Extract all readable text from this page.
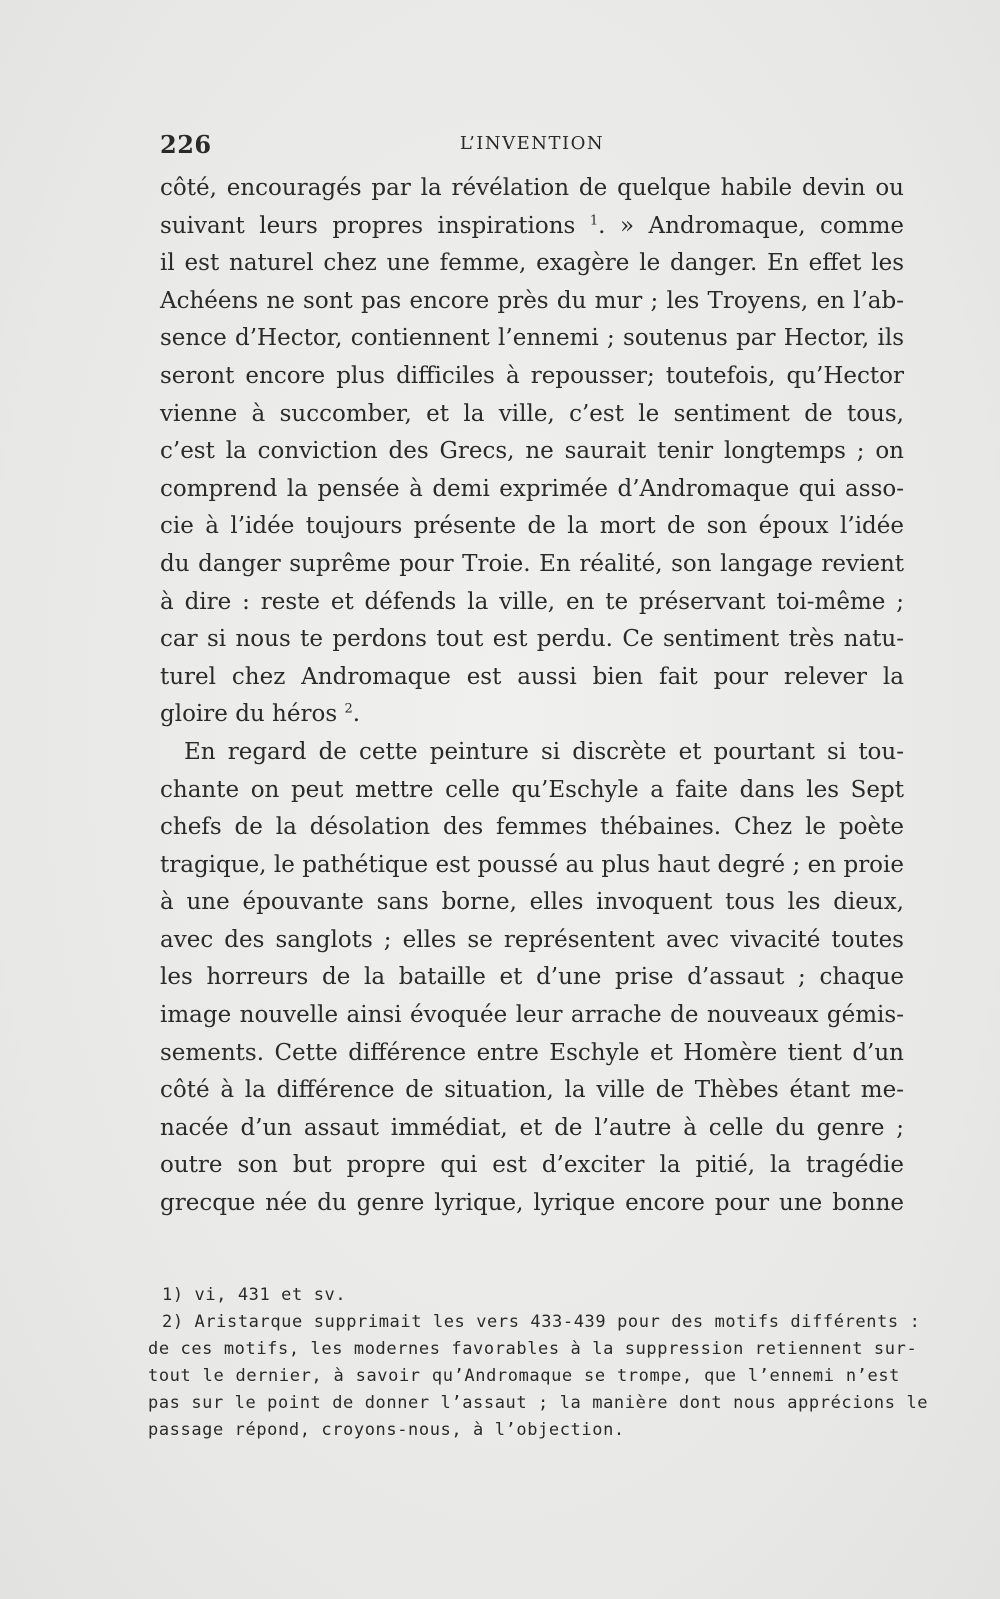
226	L’INVENTION
côté, encouragés par la révélation de quelque habile devin ou
suivant leurs propres inspirations $^1$. » Andromaque, comme
il est naturel chez une femme, exagère le danger. En effet les
Achéens ne sont pas encore près du mur ; les Troyens, en l’ab-
sence d’Hector, contiennent l’ennemi ; soutenus par Hector, ils
seront encore plus difficiles à repousser; toutefois, qu’Hector
vienne à succomber, et la ville, c’est le sentiment de tous,
c’est la conviction des Grecs, ne saurait tenir longtemps ; on
comprend la pensée à demi exprimée d’Andromaque qui asso-
cie à l’idée toujours présente de la mort de son époux l’idée
du danger suprême pour Troie. En réalité, son langage revient
à dire : reste et défends la ville, en te préservant toi-même ;
car si nous te perdons tout est perdu. Ce sentiment très natu-
turel chez Andromaque est aussi bien fait pour relever la
gloire du héros $^2$.
En regard de cette peinture si discrète et pourtant si tou-
chante on peut mettre celle qu’Eschyle a faite dans les Sept
chefs de la désolation des femmes thébaines. Chez le poète
tragique, le pathétique est poussé au plus haut degré ; en proie
à une épouvante sans borne, elles invoquent tous les dieux,
avec des sanglots ; elles se représentent avec vivacité toutes
les horreurs de la bataille et d’une prise d’assaut ; chaque
image nouvelle ainsi évoquée leur arrache de nouveaux gémis-
sements. Cette différence entre Eschyle et Homère tient d’un
côté à la différence de situation, la ville de Thèbes étant me-
nacée d’un assaut immédiat, et de l’autre à celle du genre ;
outre son but propre qui est d’exciter la pitié, la tragédie
grecque née du genre lyrique, lyrique encore pour une bonne
1) vi, 431 et sv.
2) Aristarque supprimait les vers 433-439 pour des motifs différents :
de ces motifs, les modernes favorables à la suppression retiennent sur-
tout le dernier, à savoir qu’Andromaque se trompe, que l’ennemi n’est
pas sur le point de donner l’assaut ; la manière dont nous apprécions le
passage répond, croyons-nous, à l’objection.
